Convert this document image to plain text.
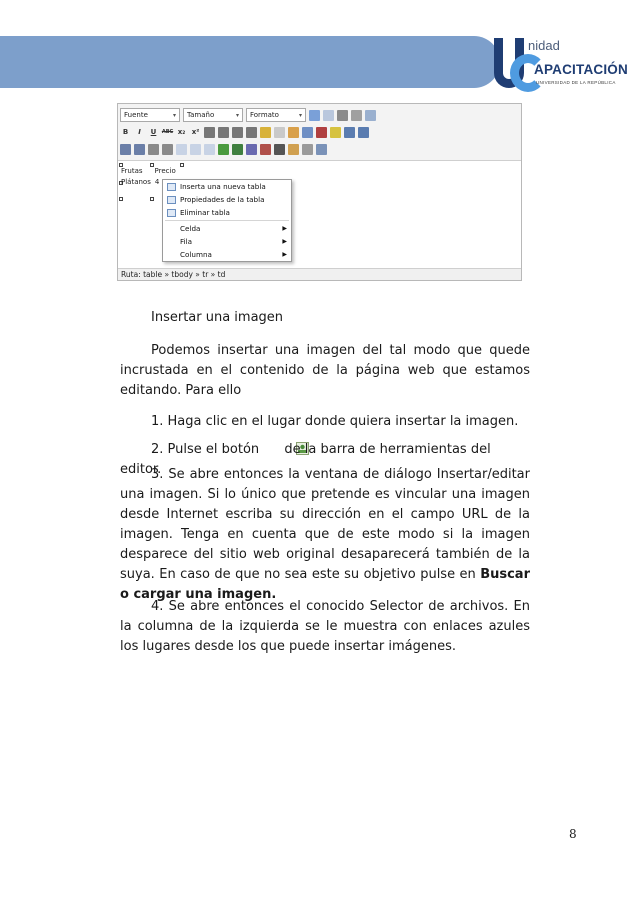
nidad
APACITACIÓN
UNIVERSIDAD DE LA REPÚBLICA
Fuente	▾ Tamaño	▾ Formato	▾
B	I	U	ABC x₂ x²
Frutas Precio
Plátanos 4	Inserta una nueva tabla
Propiedades de la tabla
Eliminar tabla
Celda	▶
Fila	▶
Columna	▶
Ruta: table » tbody » tr » td
Insertar una imagen
Podemos insertar una imagen del tal modo que quede incrustada en el contenido de la página web que estamos editando. Para ello
1. Haga clic en el lugar donde quiera insertar la imagen.
2. Pulse el botón de la barra de herramientas del editor.
3. Se abre entonces la ventana de diálogo Insertar/editar una imagen. Si lo único que pretende es vincular una imagen desde Internet escriba su dirección en el campo URL de la imagen. Tenga en cuenta que de este modo si la imagen desparece del sitio web original desaparecerá también de la suya. En caso de que no sea este su objetivo pulse en Buscar o cargar una imagen.
4. Se abre entonces el conocido Selector de archivos. En la columna de la izquierda se le muestra con enlaces azules los lugares desde los que puede insertar imágenes.
8
